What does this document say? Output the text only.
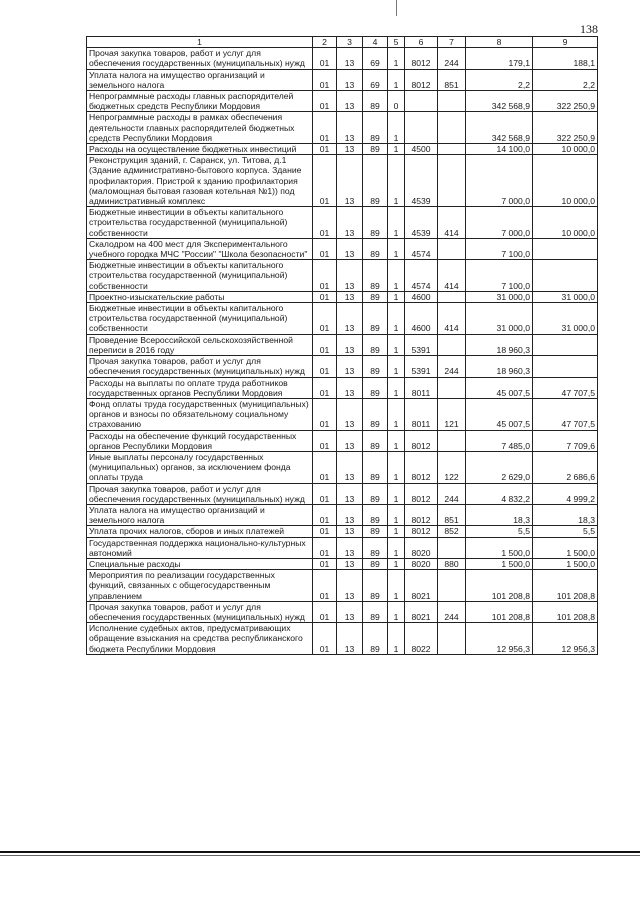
138
1	2	3	4	5	6	7	8	9
Прочая закупка товаров, работ и услуг для обеспечения государственных (муниципальных) нужд	01	13	69	1	8012	244	179,1	188,1
Уплата налога на имущество организаций и земельного налога	01	13	69	1	8012	851	2,2	2,2
Непрограммные расходы главных распорядителей бюджетных средств Республики Мордовия	01	13	89	0			342 568,9	322 250,9
Непрограммные расходы в рамках обеспечения деятельности главных распорядителей бюджетных средств Республики Мордовия	01	13	89	1			342 568,9	322 250,9
Расходы на осуществление бюджетных инвестиций	01	13	89	1	4500		14 100,0	10 000,0
Реконструкция зданий, г. Саранск, ул. Титова, д.1 (Здание административно-бытового корпуса. Здание профилактория. Пристрой к зданию профилактория (маломощная бытовая газовая котельная №1)) под административный комплекс	01	13	89	1	4539		7 000,0	10 000,0
Бюджетные инвестиции в объекты капитального строительства государственной (муниципальной) собственности	01	13	89	1	4539	414	7 000,0	10 000,0
Скалодром на 400 мест для Экспериментального учебного городка МЧС "России" "Школа безопасности"	01	13	89	1	4574		7 100,0	
Бюджетные инвестиции в объекты капитального строительства государственной (муниципальной) собственности	01	13	89	1	4574	414	7 100,0	
Проектно-изыскательские работы	01	13	89	1	4600		31 000,0	31 000,0
Бюджетные инвестиции в объекты капитального строительства государственной (муниципальной) собственности	01	13	89	1	4600	414	31 000,0	31 000,0
Проведение Всероссийской сельскохозяйственной переписи в 2016 году	01	13	89	1	5391		18 960,3	
Прочая закупка товаров, работ и услуг для обеспечения государственных (муниципальных) нужд	01	13	89	1	5391	244	18 960,3	
Расходы на выплаты по оплате труда работников государственных органов Республики Мордовия	01	13	89	1	8011		45 007,5	47 707,5
Фонд оплаты труда государственных (муниципальных) органов и взносы по обязательному социальному страхованию	01	13	89	1	8011	121	45 007,5	47 707,5
Расходы на обеспечение функций государственных органов Республики Мордовия	01	13	89	1	8012		7 485,0	7 709,6
Иные выплаты персоналу государственных (муниципальных) органов, за исключением фонда оплаты труда	01	13	89	1	8012	122	2 629,0	2 686,6
Прочая закупка товаров, работ и услуг для обеспечения государственных (муниципальных) нужд	01	13	89	1	8012	244	4 832,2	4 999,2
Уплата налога на имущество организаций и земельного налога	01	13	89	1	8012	851	18,3	18,3
Уплата прочих налогов, сборов и иных платежей	01	13	89	1	8012	852	5,5	5,5
Государственная поддержка национально-культурных автономий	01	13	89	1	8020		1 500,0	1 500,0
Специальные расходы	01	13	89	1	8020	880	1 500,0	1 500,0
Мероприятия по реализации государственных функций, связанных с общегосударственным управлением	01	13	89	1	8021		101 208,8	101 208,8
Прочая закупка товаров, работ и услуг для обеспечения государственных (муниципальных) нужд	01	13	89	1	8021	244	101 208,8	101 208,8
Исполнение судебных актов, предусматривающих обращение взыскания на средства республиканского бюджета Республики Мордовия	01	13	89	1	8022		12 956,3	12 956,3
